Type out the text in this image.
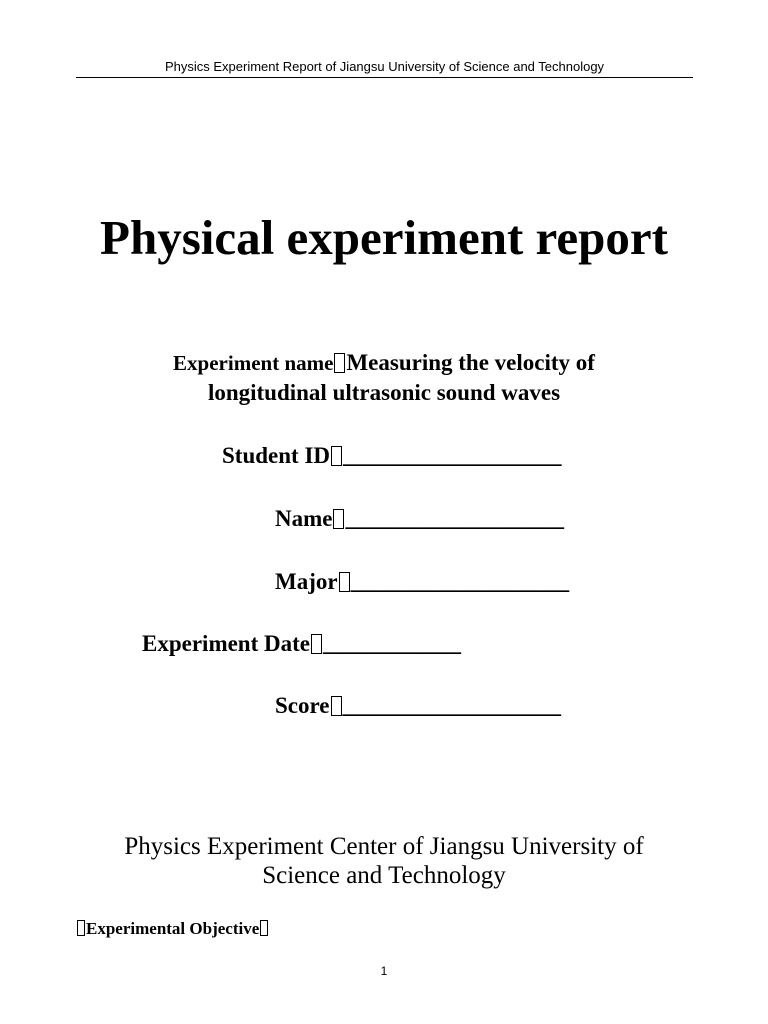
Physics Experiment Report of Jiangsu University of Science and Technology
Physical experiment report
Experiment name Measuring the velocity of
longitudinal ultrasonic sound waves
Student ID ___________________
Name ___________________
Major ___________________
Experiment Date ____________
Score ___________________
Physics Experiment Center of Jiangsu University of
Science and Technology
Experimental Objective
1
